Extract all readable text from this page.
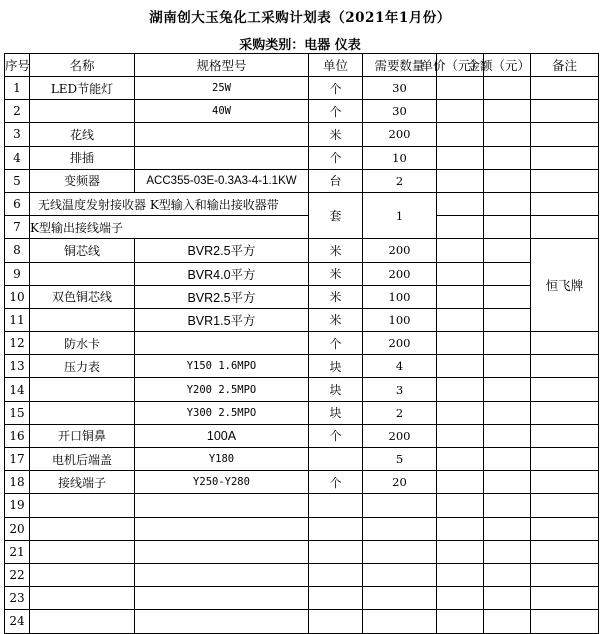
湖南创大玉兔化工采购计划表（2021年1月份）
采购类别：电器 仪表
序号	名称	规格型号	单位	需要数量	单价（元）	金额（元）	备注
1	LED节能灯	25W	个	30			
2		40W	个	30			
3	花线		米	200			
4	排插		个	10			
5	变频器	ACC355-03E-0.3A3-4-1.1KW	台	2			
6	无线温度发射接收器 K型输入和输出接收器带		套	1			
7	K型输出接线端子						
8	铜芯线	BVR2.5平方	米	200			恒飞牌
9		BVR4.0平方	米	200			
10	双色铜芯线	BVR2.5平方	米	100			
11		BVR1.5平方	米	100			
12	防水卡		个	200			
13	压力表	Y150 1.6MPO	块	4			
14		Y200 2.5MPO	块	3			
15		Y300 2.5MPO	块	2			
16	开口铜鼻	100A	个	200			
17	电机后端盖	Y180		5			
18	接线端子	Y250-Y280	个	20			
19							
20							
21							
22							
23							
24							
